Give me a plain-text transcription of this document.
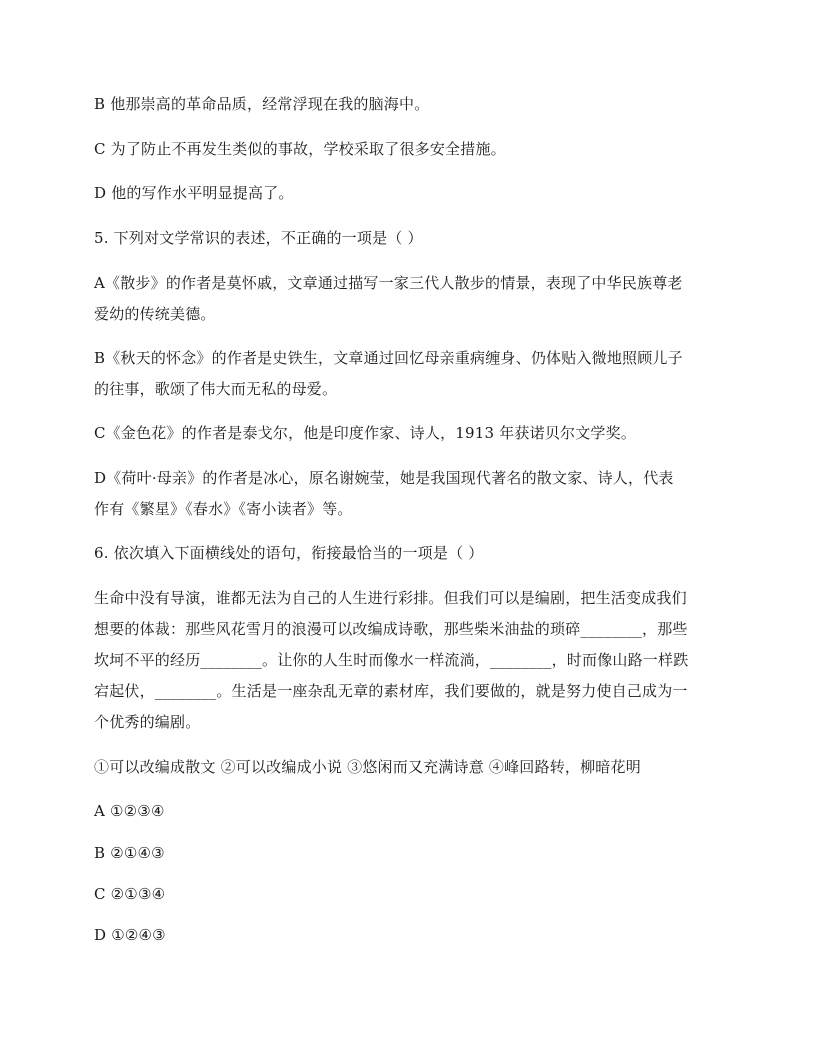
B 他那崇高的革命品质，经常浮现在我的脑海中。
C 为了防止不再发生类似的事故，学校采取了很多安全措施。
D 他的写作水平明显提高了。
5. 下列对文学常识的表述，不正确的一项是（ ）
A《散步》的作者是莫怀戚，文章通过描写一家三代人散步的情景，表现了中华民族尊老
爱幼的传统美德。
B《秋天的怀念》的作者是史铁生，文章通过回忆母亲重病缠身、仍体贴入微地照顾儿子
的往事，歌颂了伟大而无私的母爱。
C《金色花》的作者是泰戈尔，他是印度作家、诗人，1913 年获诺贝尔文学奖。
D《荷叶·母亲》的作者是冰心，原名谢婉莹，她是我国现代著名的散文家、诗人，代表
作有《繁星》《春水》《寄小读者》等。
6. 依次填入下面横线处的语句，衔接最恰当的一项是（ ）
生命中没有导演，谁都无法为自己的人生进行彩排。但我们可以是编剧，把生活变成我们
想要的体裁：那些风花雪月的浪漫可以改编成诗歌，那些柴米油盐的琐碎________，那些
坎坷不平的经历________。让你的人生时而像水一样流淌，________，时而像山路一样跌
宕起伏，________。生活是一座杂乱无章的素材库，我们要做的，就是努力使自己成为一
个优秀的编剧。
①可以改编成散文 ②可以改编成小说 ③悠闲而又充满诗意 ④峰回路转，柳暗花明
A ①②③④
B ②①④③
C ②①③④
D ①②④③
